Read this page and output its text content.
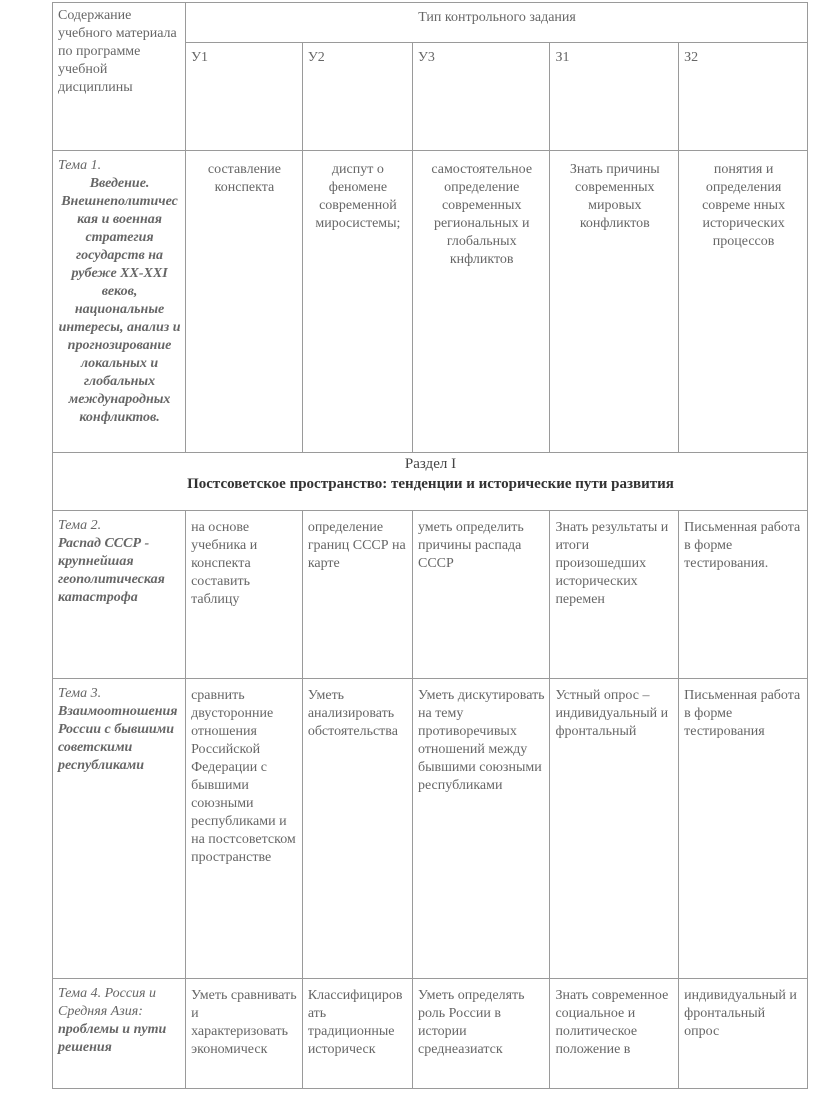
Содержание учебного материала по программе учебной дисциплины	Тип контрольного задания				
	У1	У2	У3	З1	З2

Тема 1.
Введение. Внешнеполитическая и военная стратегия государств на рубеже XX-XXI веков, национальные интересы, анализ и прогнозирование локальных и глобальных международных конфликтов.	составление конспекта	диспут о феномене современной миросистемы;	самостоятельное определение современных региональных и глобальных кнфликтов	Знать причины современных мировых конфликтов	понятия и определения совреме нных исторических процессов

Раздел I
Постсоветское пространство: тенденции и исторические пути развития					

Тема 2.
Распад СССР - крупнейшая геополитическая катастрофа	на основе учебника и конспекта составить таблицу	определение границ СССР на карте	уметь определить причины распада СССР	Знать результаты и итоги произошедших исторических перемен	Письменная работа в форме тестирования.

Тема 3.
Взаимоотношения России с бывшими советскими республиками	сравнить двусторонние отношения Российской Федерации с бывшими союзными республиками и на постсоветском пространстве	Уметь анализировать обстоятельства	Уметь дискутировать на тему противоречивых отношений между бывшими союзными республиками	Устный опрос – индивидуальный и фронтальный	Письменная работа в форме тестирования

Тема 4. Россия и Средняя Азия:
проблемы и пути решения	Уметь сравнивать и характеризовать экономическ	Классифицировать традиционные историческ	Уметь определять роль России в истории среднеазиатск	Знать современное социальное и политическое положение в	индивидуальный и фронтальный опрос
